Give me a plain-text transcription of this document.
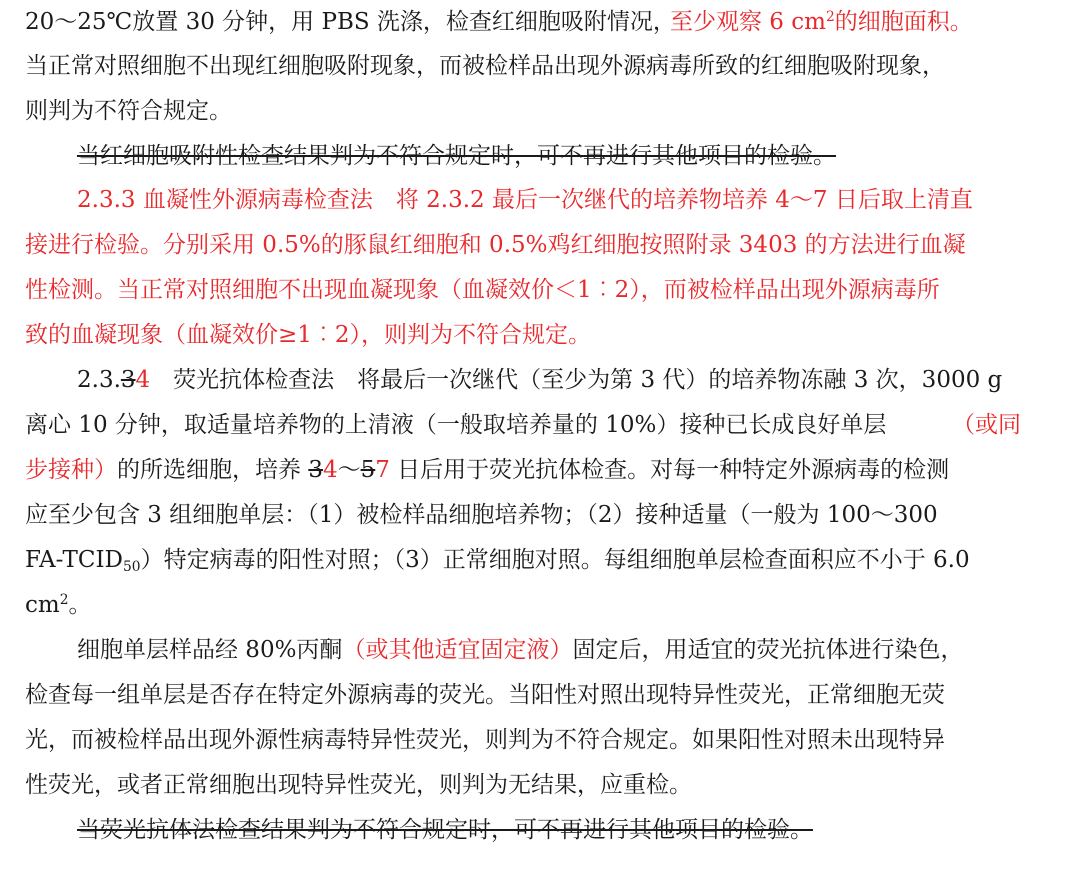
20～25℃放置 30 分钟，用 PBS 洗涤，检查红细胞吸附情况，
至少观察 6 $cm^2$的细胞面积。
当正常对照细胞不出现红细胞吸附现象，而被检样品出现外源病毒所致的红细胞吸附现象，
则判为不符合规定。
当红细胞吸附性检查结果判为不符合规定时，可不再进行其他项目的检验。
2.3.3 血凝性外源病毒检查法　将 2.3.2 最后一次继代的培养物培养 4～7 日后取上清直
接进行检验。分别采用 0.5%的豚鼠红细胞和 0.5%鸡红细胞按照附录 3403 的方法进行血凝
性检测。当正常对照细胞不出现血凝现象（血凝效价＜1︰2），而被检样品出现外源病毒所
致的血凝现象（血凝效价≥1︰2），则判为不符合规定。
2.3.34　荧光抗体检查法　将最后一次继代（至少为第 3 代）的培养物冻融 3 次，3000 g
离心 10 分钟，取适量培养物的上清液（一般取培养量的 10%）接种已长成良好单层	（或同
步接种）的所选细胞，培养 34～57 日后用于荧光抗体检查。对每一种特定外源病毒的检测
应至少包含 3 组细胞单层：（1）被检样品细胞培养物；（2）接种适量（一般为 100～300
$FA-TCID_{50}$）特定病毒的阳性对照；（3）正常细胞对照。每组细胞单层检查面积应不小于 6.0
$cm^2$。
细胞单层样品经 80%丙酮（或其他适宜固定液）固定后，用适宜的荧光抗体进行染色，
检查每一组单层是否存在特定外源病毒的荧光。当阳性对照出现特异性荧光，正常细胞无荧
光，而被检样品出现外源性病毒特异性荧光，则判为不符合规定。如果阳性对照未出现特异
性荧光，或者正常细胞出现特异性荧光，则判为无结果，应重检。
当荧光抗体法检查结果判为不符合规定时，可不再进行其他项目的检验。
